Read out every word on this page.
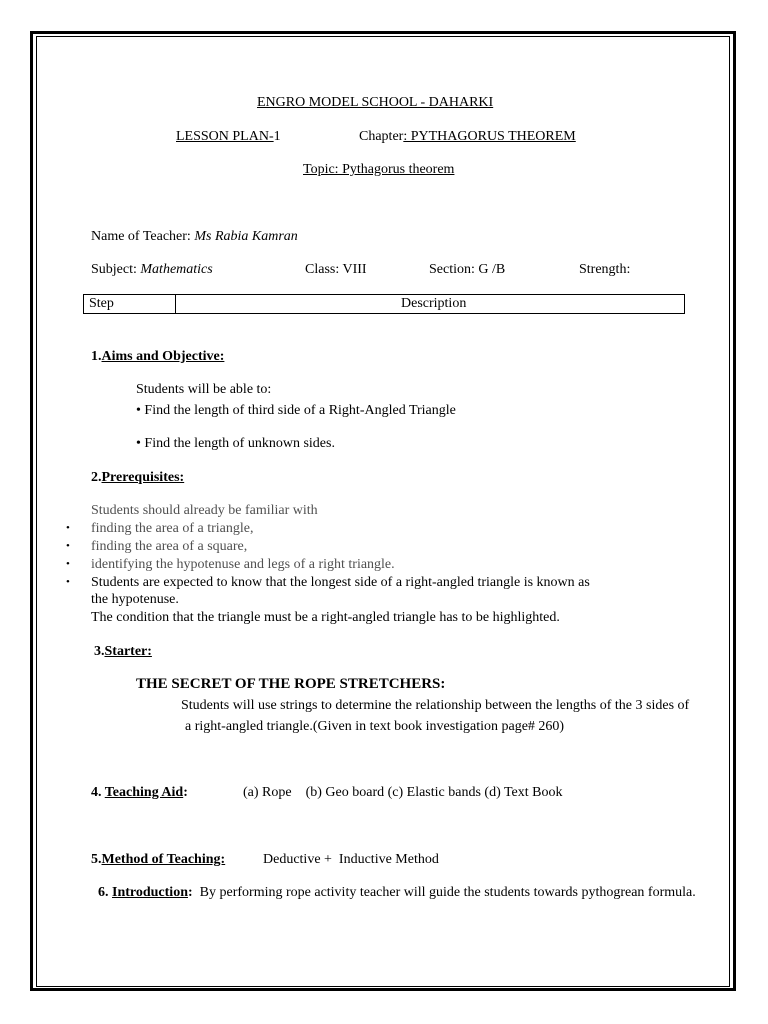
ENGRO MODEL SCHOOL - DAHARKI
LESSON PLAN-1	Chapter: PYTHAGORUS THEOREM
Topic: Pythagorus theorem
Name of Teacher: Ms Rabia Kamran
Subject: Mathematics	Class: VIII	Section: G /B	Strength:
Step	Description
1.Aims and Objective:
Students will be able to:
• Find the length of third side of a Right-Angled Triangle
• Find the length of unknown sides.
2.Prerequisites:
Students should already be familiar with
• finding the area of a triangle,
• finding the area of a square,
• identifying the hypotenuse and legs of a right triangle.
• Students are expected to know that the longest side of a right-angled triangle is known as
the hypotenuse.
The condition that the triangle must be a right-angled triangle has to be highlighted.
3.Starter:
THE SECRET OF THE ROPE STRETCHERS:
Students will use strings to determine the relationship between the lengths of the 3 sides of
a right-angled triangle.(Given in text book investigation page# 260)
4. Teaching Aid:	(a) Rope    (b) Geo board (c) Elastic bands (d) Text Book
5.Method of Teaching:	Deductive +  Inductive Method
6. Introduction:  By performing rope activity teacher will guide the students towards pythogrean formula.
